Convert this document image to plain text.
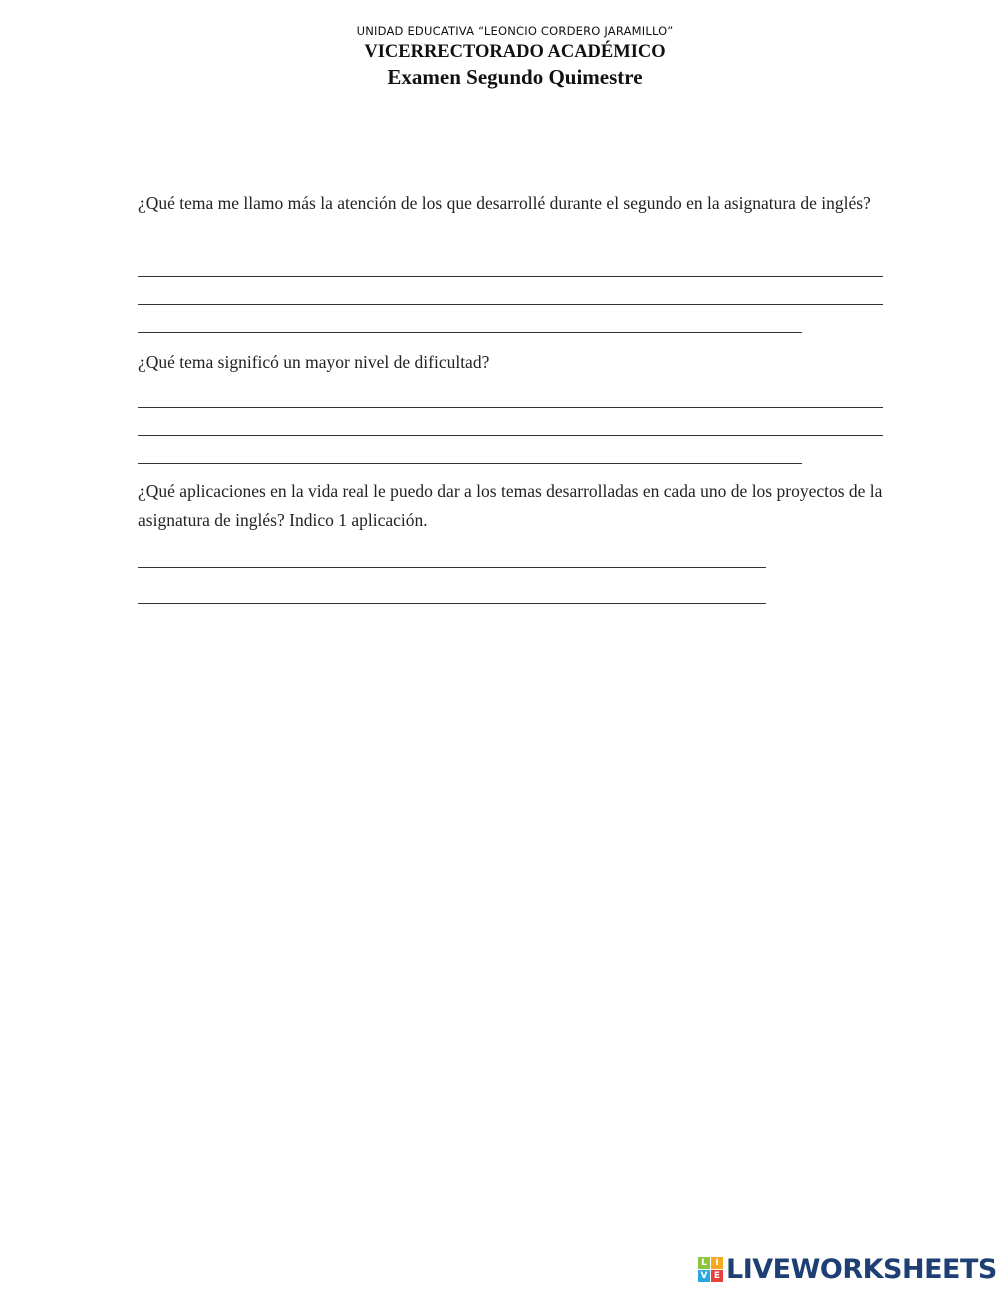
UNIDAD EDUCATIVA “LEONCIO CORDERO JARAMILLO”
VICERRECTORADO ACADÉMICO
Examen Segundo Quimestre
¿Qué tema me llamo más la atención de los que desarrollé durante el segundo en la asignatura de inglés?
¿Qué tema significó un mayor nivel de dificultad?
¿Qué aplicaciones en la vida real le puedo dar a los temas desarrolladas en cada uno de los proyectos de la asignatura de inglés? Indico 1 aplicación.
L I
V E LIVEWORKSHEETS
